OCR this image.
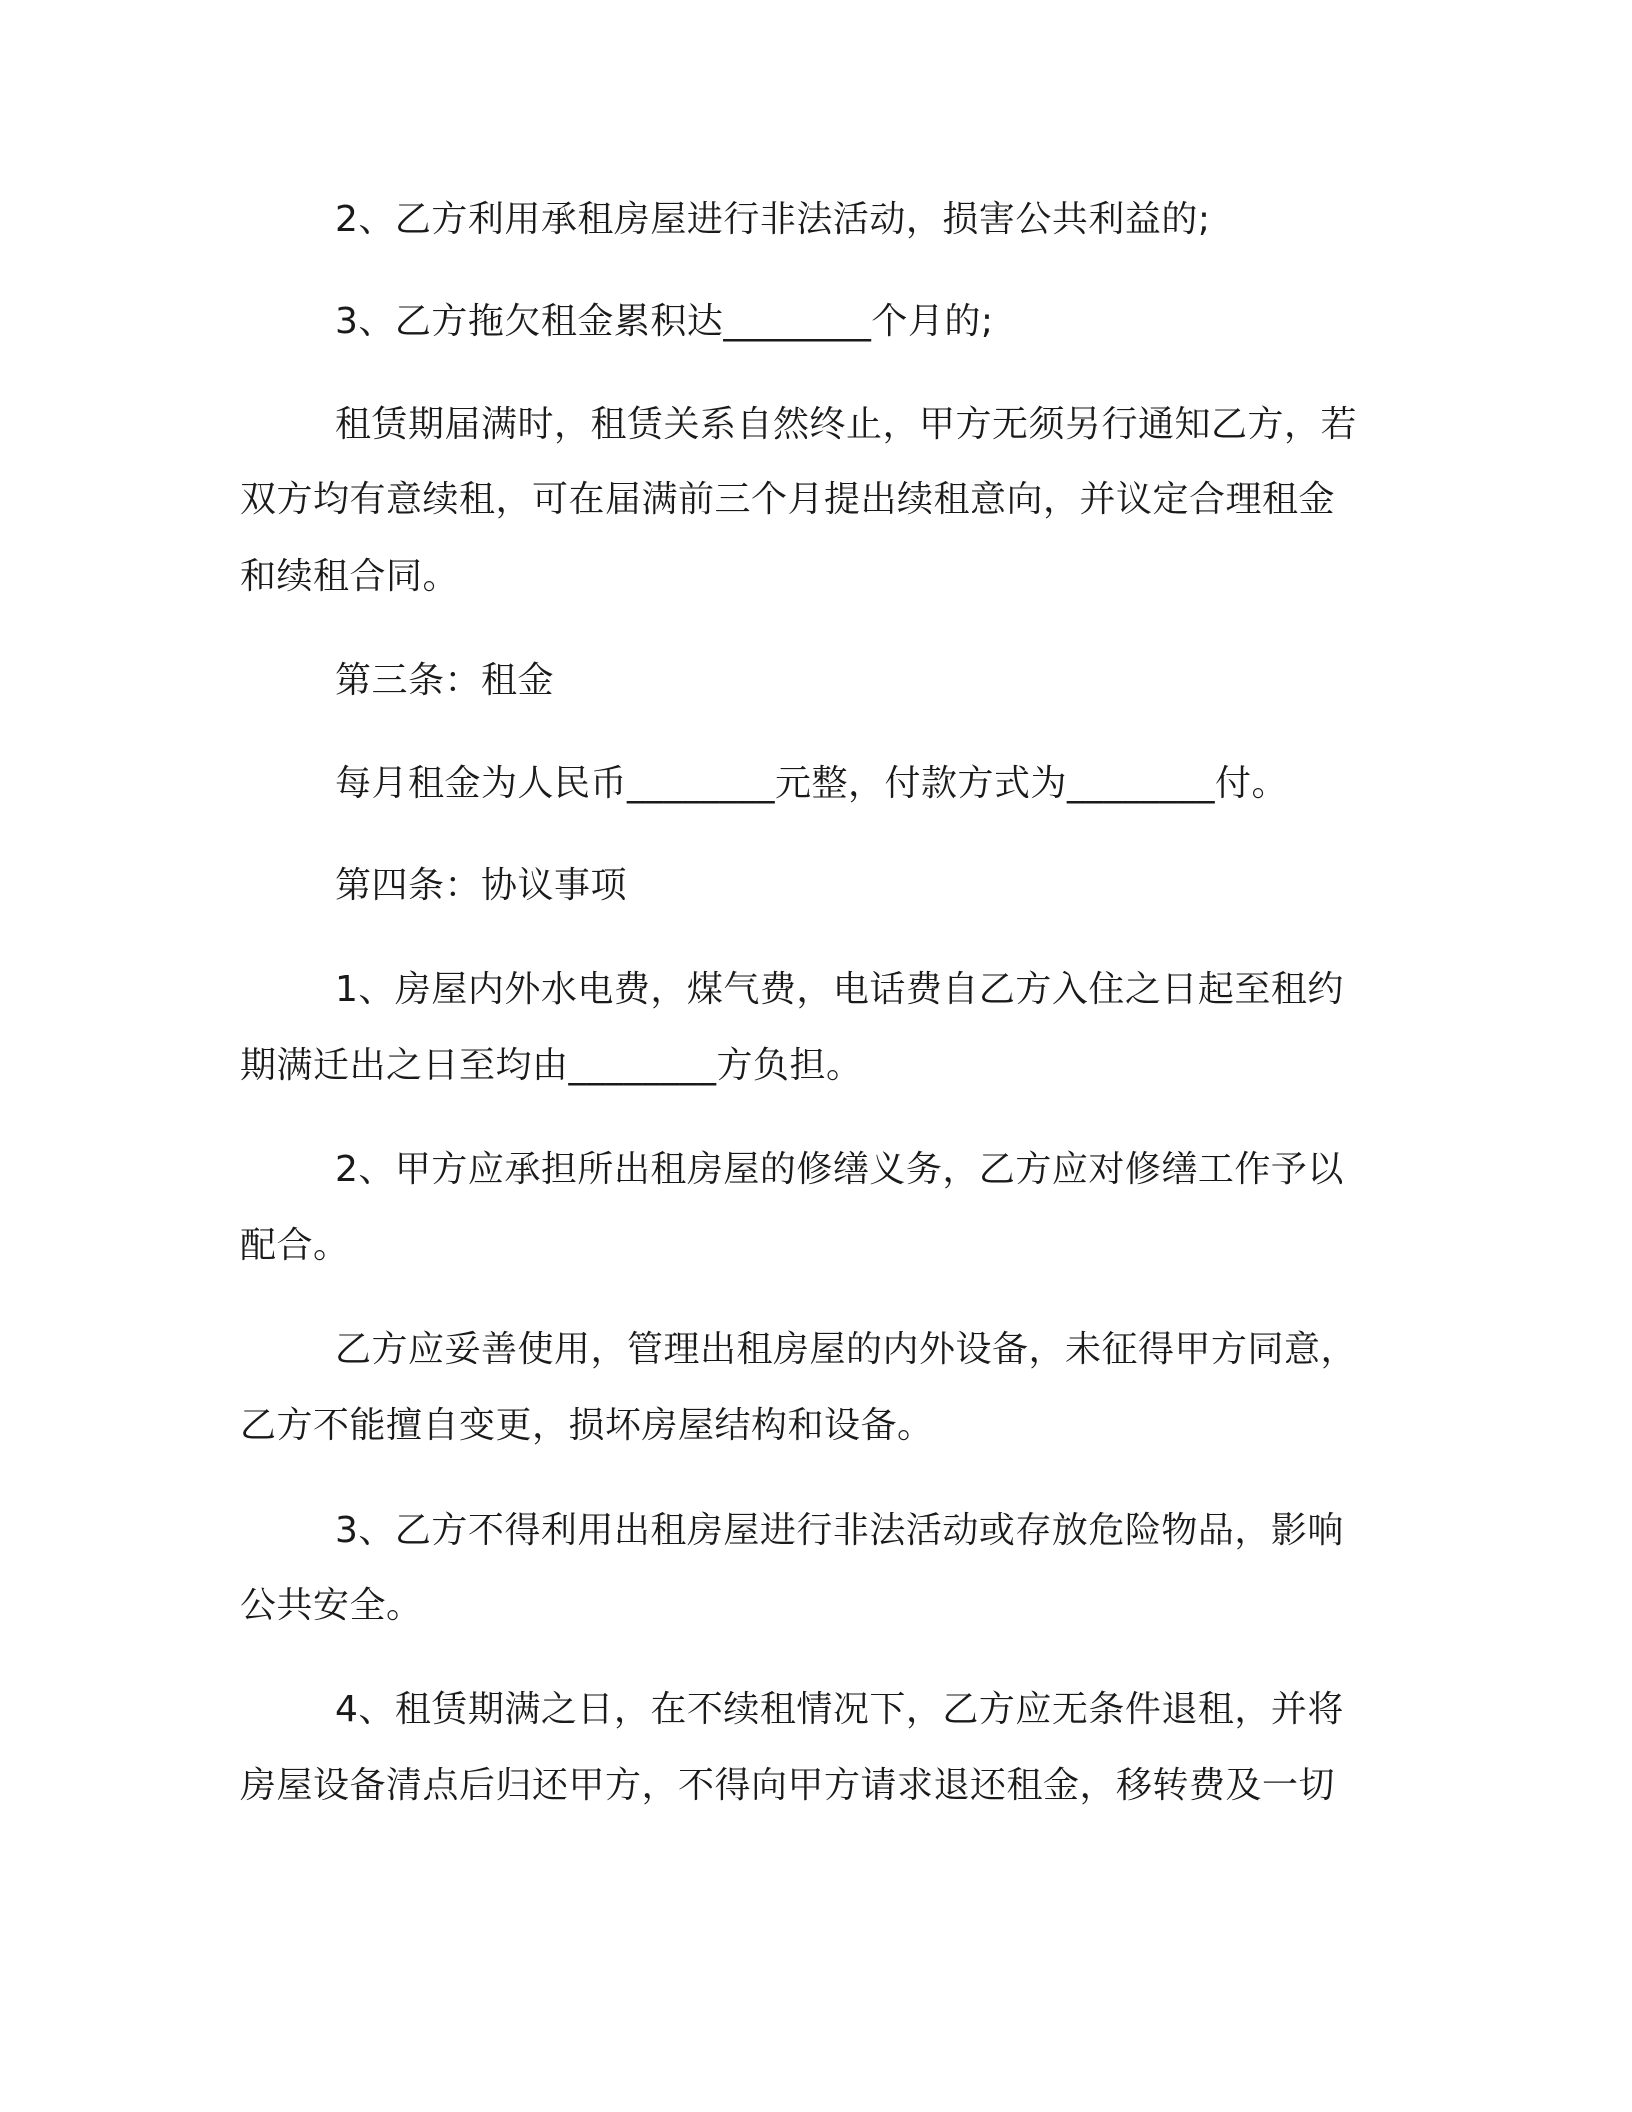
2、乙方利用承租房屋进行非法活动，损害公共利益的;
3、乙方拖欠租金累积达________个月的;
租赁期届满时，租赁关系自然终止，甲方无须另行通知乙方，若
双方均有意续租，可在届满前三个月提出续租意向，并议定合理租金
和续租合同。
第三条：租金
每月租金为人民币________元整，付款方式为________付。
第四条：协议事项
1、房屋内外水电费，煤气费，电话费自乙方入住之日起至租约
期满迁出之日至均由________方负担。
2、甲方应承担所出租房屋的修缮义务，乙方应对修缮工作予以
配合。
乙方应妥善使用，管理出租房屋的内外设备，未征得甲方同意，
乙方不能擅自变更，损坏房屋结构和设备。
3、乙方不得利用出租房屋进行非法活动或存放危险物品，影响
公共安全。
4、租赁期满之日，在不续租情况下，乙方应无条件退租，并将
房屋设备清点后归还甲方，不得向甲方请求退还租金，移转费及一切
